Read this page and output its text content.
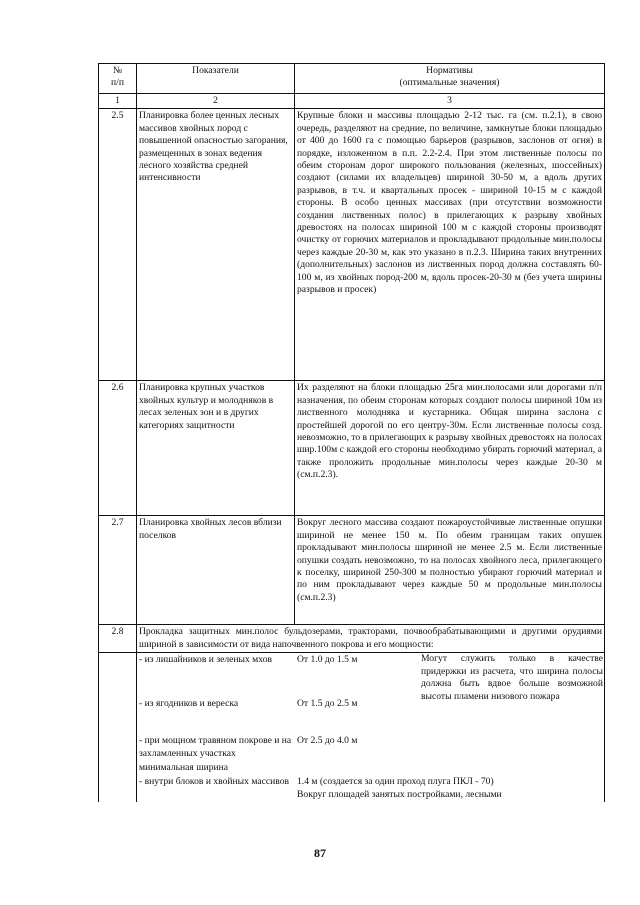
№
п/п
	Показатели	Нормативы
(оптимальные значения)

1	2	3
2.5	Планировка более ценных лесных массивов хвойных пород с повышенной опасностью загорания, размещенных в зонах ведения лесного хозяйства средней интенсивности	Крупные блоки и массивы площадью 2-12 тыс. га (см. п.2.1), в свою очередь, разделяют на средние, по величине, замкнутые блоки площадью от 400 до 1600 га с помощью барьеров (разрывов, заслонов от огня) в порядке, изложенном в п.п. 2.2-2.4. При этом лиственные полосы по обеим сторонам дорог широкого пользования (железных, шоссейных) создают (силами их владельцев) шириной 30-50 м, а вдоль других разрывов, в т.ч. и квартальных просек - шириной 10-15 м с каждой стороны. В особо ценных массивах (при отсутствии возможности создания лиственных полос) в прилегающих к разрыву хвойных древостоях на полосах шириной 100 м с каждой стороны производят очистку от горючих материалов и прокладывают продольные мин.полосы через каждые 20-30 м, как это указано в п.2.3. Ширина таких внутренних (дополнительных) заслонов из лиственных пород должна составлять 60-100 м, из хвойных пород-200 м, вдоль просек-20-30 м (без учета ширины разрывов и просек)
2.6	Планировка крупных участков хвойных культур и молодняков в лесах зеленых зон и в других категориях защитности	Их разделяют на блоки площадью 25га мин.полосами или дорогами п/п назначения, по обеим сторонам которых создают полосы шириной 10м из лиственного молодняка и кустарника. Общая ширина заслона с простейшей дорогой по его центру-30м. Если лиственные полосы созд. невозможно, то в прилегающих к разрыву хвойных древостоях на полосах шир.100м с каждой его стороны необходимо убирать горючий материал, а также проложить продольные мин.полосы через каждые 20-30 м (см.п.2.3).
2.7	Планировка хвойных лесов вблизи поселков	Вокруг лесного массива создают пожароустойчивые лиственные опушки шириной не менее 150 м. По обеим границам таких опушек прокладывают мин.полосы шириной не менее 2.5 м. Если лиственные опушки создать невозможно, то на полосах хвойного леса, прилегающего к поселку, шириной 250-300 м полностью убирают горючий материал и по ним прокладывают через каждые 50 м продольные мин.полосы (см.п.2.3)
2.8	Прокладка защитных мин.полос бульдозерами, тракторами, почвообрабатывающими и другими орудиями шириной в зависимости от вида напочвенного покрова и его мощности:

- из лишайников и зеленых мхов	От 1.0 до 1.5 м	Могут служить только в качестве придержки из расчета, что ширина полосы должна быть вдвое больше возможной высоты пламени низового пожара
- из ягодников и вереска	От 1.5 до 2.5 м
- при мощном травяном покрове и на захламленных участках	От 2.5 до 4.0 м
минимальная ширина
- внутри блоков и хвойных массивов	1.4 м (создается за один проход плуга ПКЛ - 70)
Вокруг площадей занятых постройками, лесными
87
